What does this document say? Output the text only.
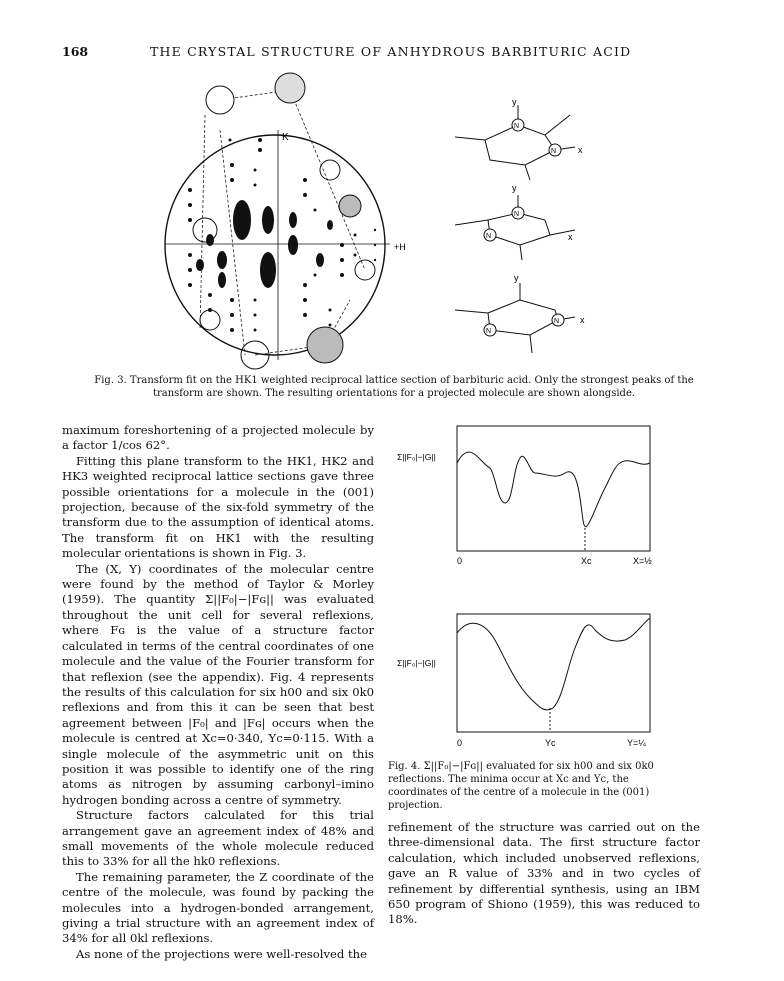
168	THE CRYSTAL STRUCTURE OF ANHYDROUS BARBITURIC ACID
K
+H
y
x
N
N
y
x
N
N
y
x
N
N
Fig. 3. Transform fit on the HK1 weighted reciprocal lattice section of barbituric acid. Only the strongest peaks of the
transform are shown. The resulting orientations for a projected molecule are shown alongside.
Σ||F₀|−|G||
0	Xc	X=½
Σ||F₀|−|G||
0	Yc	Y=¼
Fig. 4. Σ||F₀|−|Fɢ|| evaluated for six h00 and six 0k0 reflections. The minima occur at Xc and Yc, the coordinates of the centre of a molecule in the (001) projection.

maximum foreshortening of a projected molecule by a factor 1/cos 62°.

Fitting this plane transform to the HK1, HK2 and HK3 weighted reciprocal lattice sections gave three possible orientations for a molecule in the (001) projection, because of the six-fold symmetry of the transform due to the assumption of identical atoms. The transform fit on HK1 with the resulting molecular orientations is shown in Fig. 3.

The (X, Y) coordinates of the molecular centre were found by the method of Taylor & Morley (1959). The quantity Σ||F₀|−|Fɢ|| was evaluated throughout the unit cell for several reflexions, where Fɢ is the value of a structure factor calculated in terms of the central coordinates of one molecule and the value of the Fourier transform for that reflexion (see the appendix). Fig. 4 represents the results of this calculation for six h00 and six 0k0 reflexions and from this it can be seen that best agreement between |F₀| and |Fɢ| occurs when the molecule is centred at Xc=0·340, Yc=0·115. With a single molecule of the asymmetric unit on this position it was possible to identify one of the ring atoms as nitrogen by assuming carbonyl–imino hydrogen bonding across a centre of symmetry.

Structure factors calculated for this trial arrangement gave an agreement index of 48% and small movements of the whole molecule reduced this to 33% for all the hk0 reflexions.

The remaining parameter, the Z coordinate of the centre of the molecule, was found by packing the molecules into a hydrogen-bonded arrangement, giving a trial structure with an agreement index of 34% for all 0kl reflexions.

As none of the projections were well-resolved the

refinement of the structure was carried out on the three-dimensional data. The first structure factor calculation, which included unobserved reflexions, gave an R value of 33% and in two cycles of refinement by differential synthesis, using an IBM 650 program of Shiono (1959), this was reduced to 18%.
